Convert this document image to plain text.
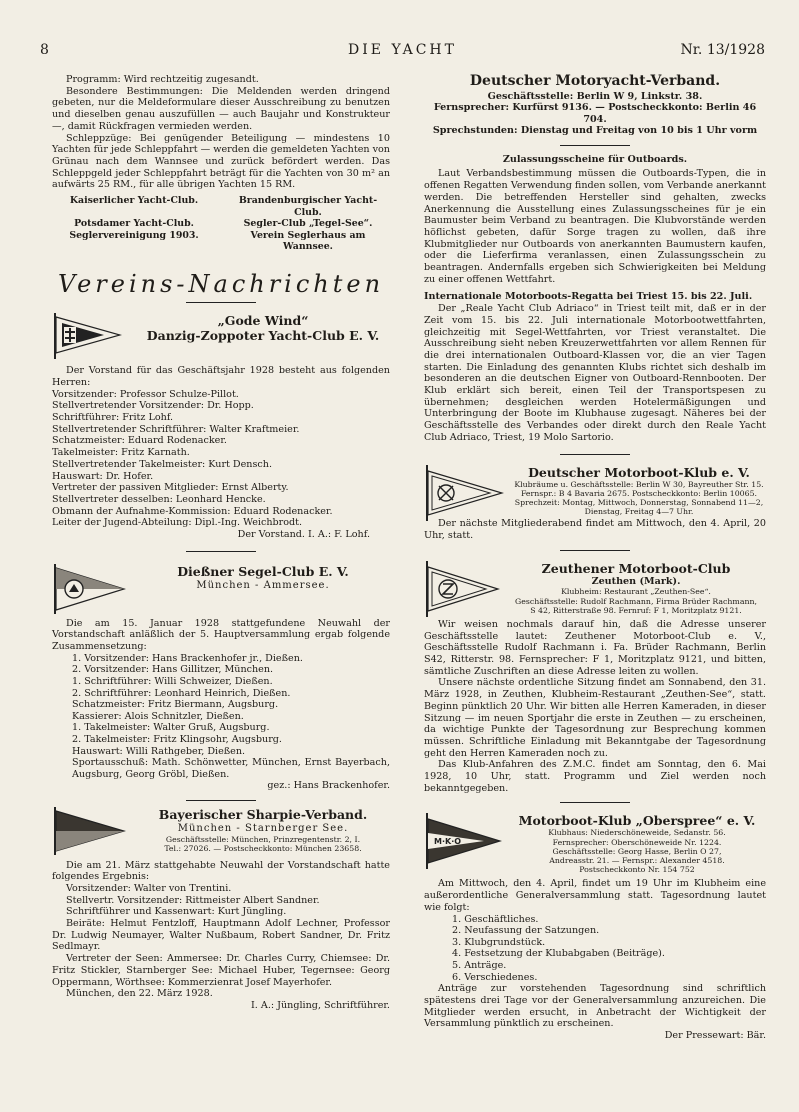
8	DIE YACHT	Nr. 13/1928

Programm: Wird rechtzeitig zugesandt.

Besondere Bestimmungen: Die Meldenden werden dringend gebeten, nur die Meldeformulare dieser Ausschreibung zu benutzen und dieselben genau auszufüllen — auch Baujahr und Konstrukteur —, damit Rückfragen vermieden werden.

Schleppzüge: Bei genügender Beteiligung — mindestens 10 Yachten für jede Schleppfahrt — werden die gemeldeten Yachten von Grünau nach dem Wannsee und zurück befördert werden. Das Schleppgeld jeder Schleppfahrt beträgt für die Yachten von 30 m² an aufwärts 25 RM., für alle übrigen Yachten 15 RM.

Kaiserlicher Yacht-Club.	Brandenburgischer Yacht-Club.
Potsdamer Yacht-Club.	Segler-Club „Tegel-See“.
Seglervereinigung 1903.	Verein Seglerhaus am Wannsee.
Vereins-Nachrichten
„Gode Wind“
Danzig-Zoppoter Yacht-Club E. V.

Der Vorstand für das Geschäftsjahr 1928 besteht aus folgenden Herren:

Vorsitzender: Professor Schulze-Pillot.
Stellvertretender Vorsitzender: Dr. Hopp.
Schriftführer: Fritz Lohf.
Stellvertretender Schriftführer: Walter Kraftmeier.
Schatzmeister: Eduard Rodenacker.
Takelmeister: Fritz Karnath.
Stellvertretender Takelmeister: Kurt Densch.
Hauswart: Dr. Hofer.
Vertreter der passiven Mitglieder: Ernst Alberty.
Stellvertreter desselben: Leonhard Hencke.
Obmann der Aufnahme-Kommission: Eduard Rodenacker.
Leiter der Jugend-Abteilung: Dipl.-Ing. Weichbrodt.

Der Vorstand. I. A.: F. Lohf.

Dießner Segel-Club E. V.
München - Ammersee.

Die am 15. Januar 1928 stattgefundene Neuwahl der Vorstandschaft anläßlich der 5. Hauptversammlung ergab folgende Zusammensetzung:

1. Vorsitzender: Hans Brackenhofer jr., Dießen.
2. Vorsitzender: Hans Gillitzer, München.
1. Schriftführer: Willi Schweizer, Dießen.
2. Schriftführer: Leonhard Heinrich, Dießen.
Schatzmeister: Fritz Biermann, Augsburg.
Kassierer: Alois Schnitzler, Dießen.
1. Takelmeister: Walter Gruß, Augsburg.
2. Takelmeister: Fritz Klingsohr, Augsburg.
Hauswart: Willi Rathgeber, Dießen.
Sportausschuß: Math. Schönwetter, München, Ernst Bayerbach, Augsburg, Georg Gröbl, Dießen.

gez.: Hans Brackenhofer.

Bayerischer Sharpie-Verband.
München - Starnberger See.
Geschäftsstelle: München, Prinzregentenstr. 2, I.
Tel.: 27026. — Postscheckkonto: München 23658.

Die am 21. März stattgehabte Neuwahl der Vorstandschaft hatte folgendes Ergebnis:

Vorsitzender: Walter von Trentini.

Stellvertr. Vorsitzender: Rittmeister Albert Sandner.

Schriftführer und Kassenwart: Kurt Jüngling.

Beiräte: Helmut Fentzloff, Hauptmann Adolf Lechner, Professor Dr. Ludwig Neumayer, Walter Nußbaum, Robert Sandner, Dr. Fritz Sedlmayr.

Vertreter der Seen: Ammersee: Dr. Charles Curry, Chiemsee: Dr. Fritz Stickler, Starnberger See: Michael Huber, Tegernsee: Georg Oppermann, Wörthsee: Kommerzienrat Josef Mayerhofer.

München, den 22. März 1928.

I. A.: Jüngling, Schriftführer.

Deutscher Motoryacht-Verband.
Geschäftsstelle: Berlin W 9, Linkstr. 38.
Fernsprecher: Kurfürst 9136. — Postscheckkonto: Berlin 46 704.
Sprechstunden: Dienstag und Freitag von 10 bis 1 Uhr vorm
Zulassungsscheine für Outboards.

Laut Verbandsbestimmung müssen die Outboards-Typen, die in offenen Regatten Verwendung finden sollen, vom Verbande anerkannt werden. Die betreffenden Hersteller sind gehalten, zwecks Anerkennung die Ausstellung eines Zulassungsscheines für je ein Baumuster beim Verband zu beantragen. Die Klubvorstände werden höflichst gebeten, dafür Sorge tragen zu wollen, daß ihre Klubmitglieder nur Outboards von anerkannten Baumustern kaufen, oder die Lieferfirma veranlassen, einen Zulassungsschein zu beantragen. Andernfalls ergeben sich Schwierigkeiten bei Meldung zu einer offenen Wettfahrt.

Internationale Motorboots-Regatta bei Triest 15. bis 22. Juli.

Der „Reale Yacht Club Adriaco“ in Triest teilt mit, daß er in der Zeit vom 15. bis 22. Juli internationale Motorbootwettfahrten, gleichzeitig mit Segel-Wettfahrten, vor Triest veranstaltet. Die Ausschreibung sieht neben Kreuzerwettfahrten vor allem Rennen für die drei internationalen Outboard-Klassen vor, die an vier Tagen starten. Die Einladung des genannten Klubs richtet sich deshalb im besonderen an die deutschen Eigner von Outboard-Rennbooten. Der Klub erklärt sich bereit, einen Teil der Transportspesen zu übernehmen; desgleichen werden Hotelermäßigungen und Unterbringung der Boote im Klubhause zugesagt. Näheres bei der Geschäftsstelle des Verbandes oder direkt durch den Reale Yacht Club Adriaco, Triest, 19 Molo Sartorio.

Deutscher Motorboot-Klub e. V.
Klubräume u. Geschäftsstelle: Berlin W 30, Bayreuther Str. 15.
Fernspr.: B 4 Bavaria 2675. Postscheckkonto: Berlin 10065.
Sprechzeit: Montag, Mittwoch, Donnerstag, Sonnabend 11—2,
Dienstag, Freitag 4—7 Uhr.

Der nächste Mitgliederabend findet am Mittwoch, den 4. April, 20 Uhr, statt.

Zeuthener Motorboot-Club
Zeuthen (Mark).
Klubheim: Restaurant „Zeuthen-See“.
Geschäftsstelle: Rudolf Rachmann, Firma Brüder Rachmann,
S 42, Ritterstraße 98. Fernruf: F 1, Moritzplatz 9121.

Wir weisen nochmals darauf hin, daß die Adresse unserer Geschäftsstelle lautet: Zeuthener Motorboot-Club e. V., Geschäftsstelle Rudolf Rachmann i. Fa. Brüder Rachmann, Berlin S42, Ritterstr. 98. Fernsprecher: F 1, Moritzplatz 9121, und bitten, sämtliche Zuschriften an diese Adresse leiten zu wollen.

Unsere nächste ordentliche Sitzung findet am Sonnabend, den 31. März 1928, in Zeuthen, Klubheim-Restaurant „Zeuthen-See“, statt. Beginn pünktlich 20 Uhr. Wir bitten alle Herren Kameraden, in dieser Sitzung — im neuen Sportjahr die erste in Zeuthen — zu erscheinen, da wichtige Punkte der Tagesordnung zur Besprechung kommen müssen. Schriftliche Einladung mit Bekanntgabe der Tagesordnung geht den Herren Kameraden noch zu.

Das Klub-Anfahren des Z.M.C. findet am Sonntag, den 6. Mai 1928, 10 Uhr, statt. Programm und Ziel werden noch bekanntgegeben.

M·K·O
Motorboot-Klub „Oberspree“ e. V.
Klubhaus: Niederschöneweide, Sedanstr. 56.
Fernsprecher: Oberschöneweide Nr. 1224.
Geschäftsstelle: Georg Hasse, Berlin O 27,
Andreasstr. 21. — Fernspr.: Alexander 4518.
Postscheckkonto Nr. 154 752

Am Mittwoch, den 4. April, findet um 19 Uhr im Klubheim eine außerordentliche Generalversammlung statt. Tagesordnung lautet wie folgt:

1. Geschäftliches.
2. Neufassung der Satzungen.
3. Klubgrundstück.
4. Festsetzung der Klubabgaben (Beiträge).
5. Anträge.
6. Verschiedenes.

Anträge zur vorstehenden Tagesordnung sind schriftlich spätestens drei Tage vor der Generalversammlung anzureichen. Die Mitglieder werden ersucht, in Anbetracht der Wichtigkeit der Versammlung pünktlich zu erscheinen.

Der Pressewart: Bär.
